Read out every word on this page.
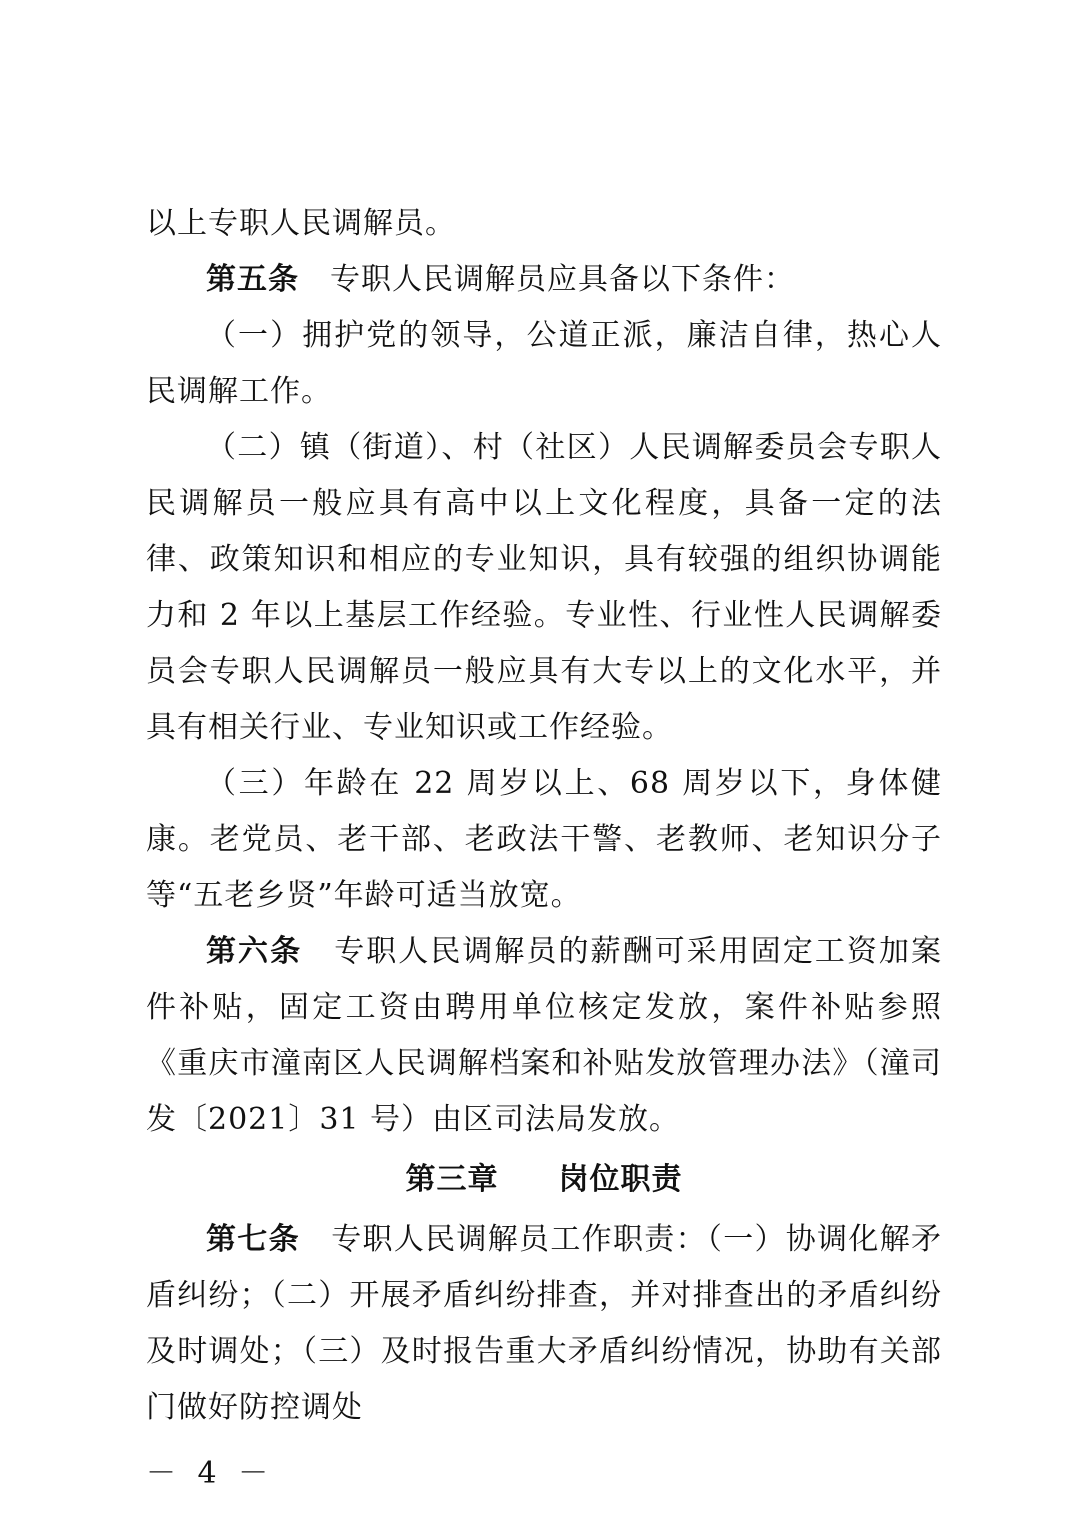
以上专职人民调解员。

第五条　 专职人民调解员应具备以下条件：

（一）拥护党的领导，公道正派，廉洁自律，热心人民调解工作。

（二）镇（街道）、村（社区）人民调解委员会专职人民调解员一般应具有高中以上文化程度，具备一定的法律、政策知识和相应的专业知识，具有较强的组织协调能力和 2 年以上基层工作经验。专业性、行业性人民调解委员会专职人民调解员一般应具有大专以上的文化水平，并具有相关行业、专业知识或工作经验。

（三）年龄在 22 周岁以上、68 周岁以下，身体健康。老党员、老干部、老政法干警、老教师、老知识分子等“五老乡贤”年龄可适当放宽。

第六条　 专职人民调解员的薪酬可采用固定工资加案件补贴，固定工资由聘用单位核定发放，案件补贴参照《重庆市潼南区人民调解档案和补贴发放管理办法》（潼司发〔2021〕31 号）由区司法局发放。

第三章 岗位职责

第七条　 专职人民调解员工作职责：（一）协调化解矛盾纠纷；（二）开展矛盾纠纷排查，并对排查出的矛盾纠纷及时调处；（三）及时报告重大矛盾纠纷情况，协助有关部门做好防控调处

－ 4 －
